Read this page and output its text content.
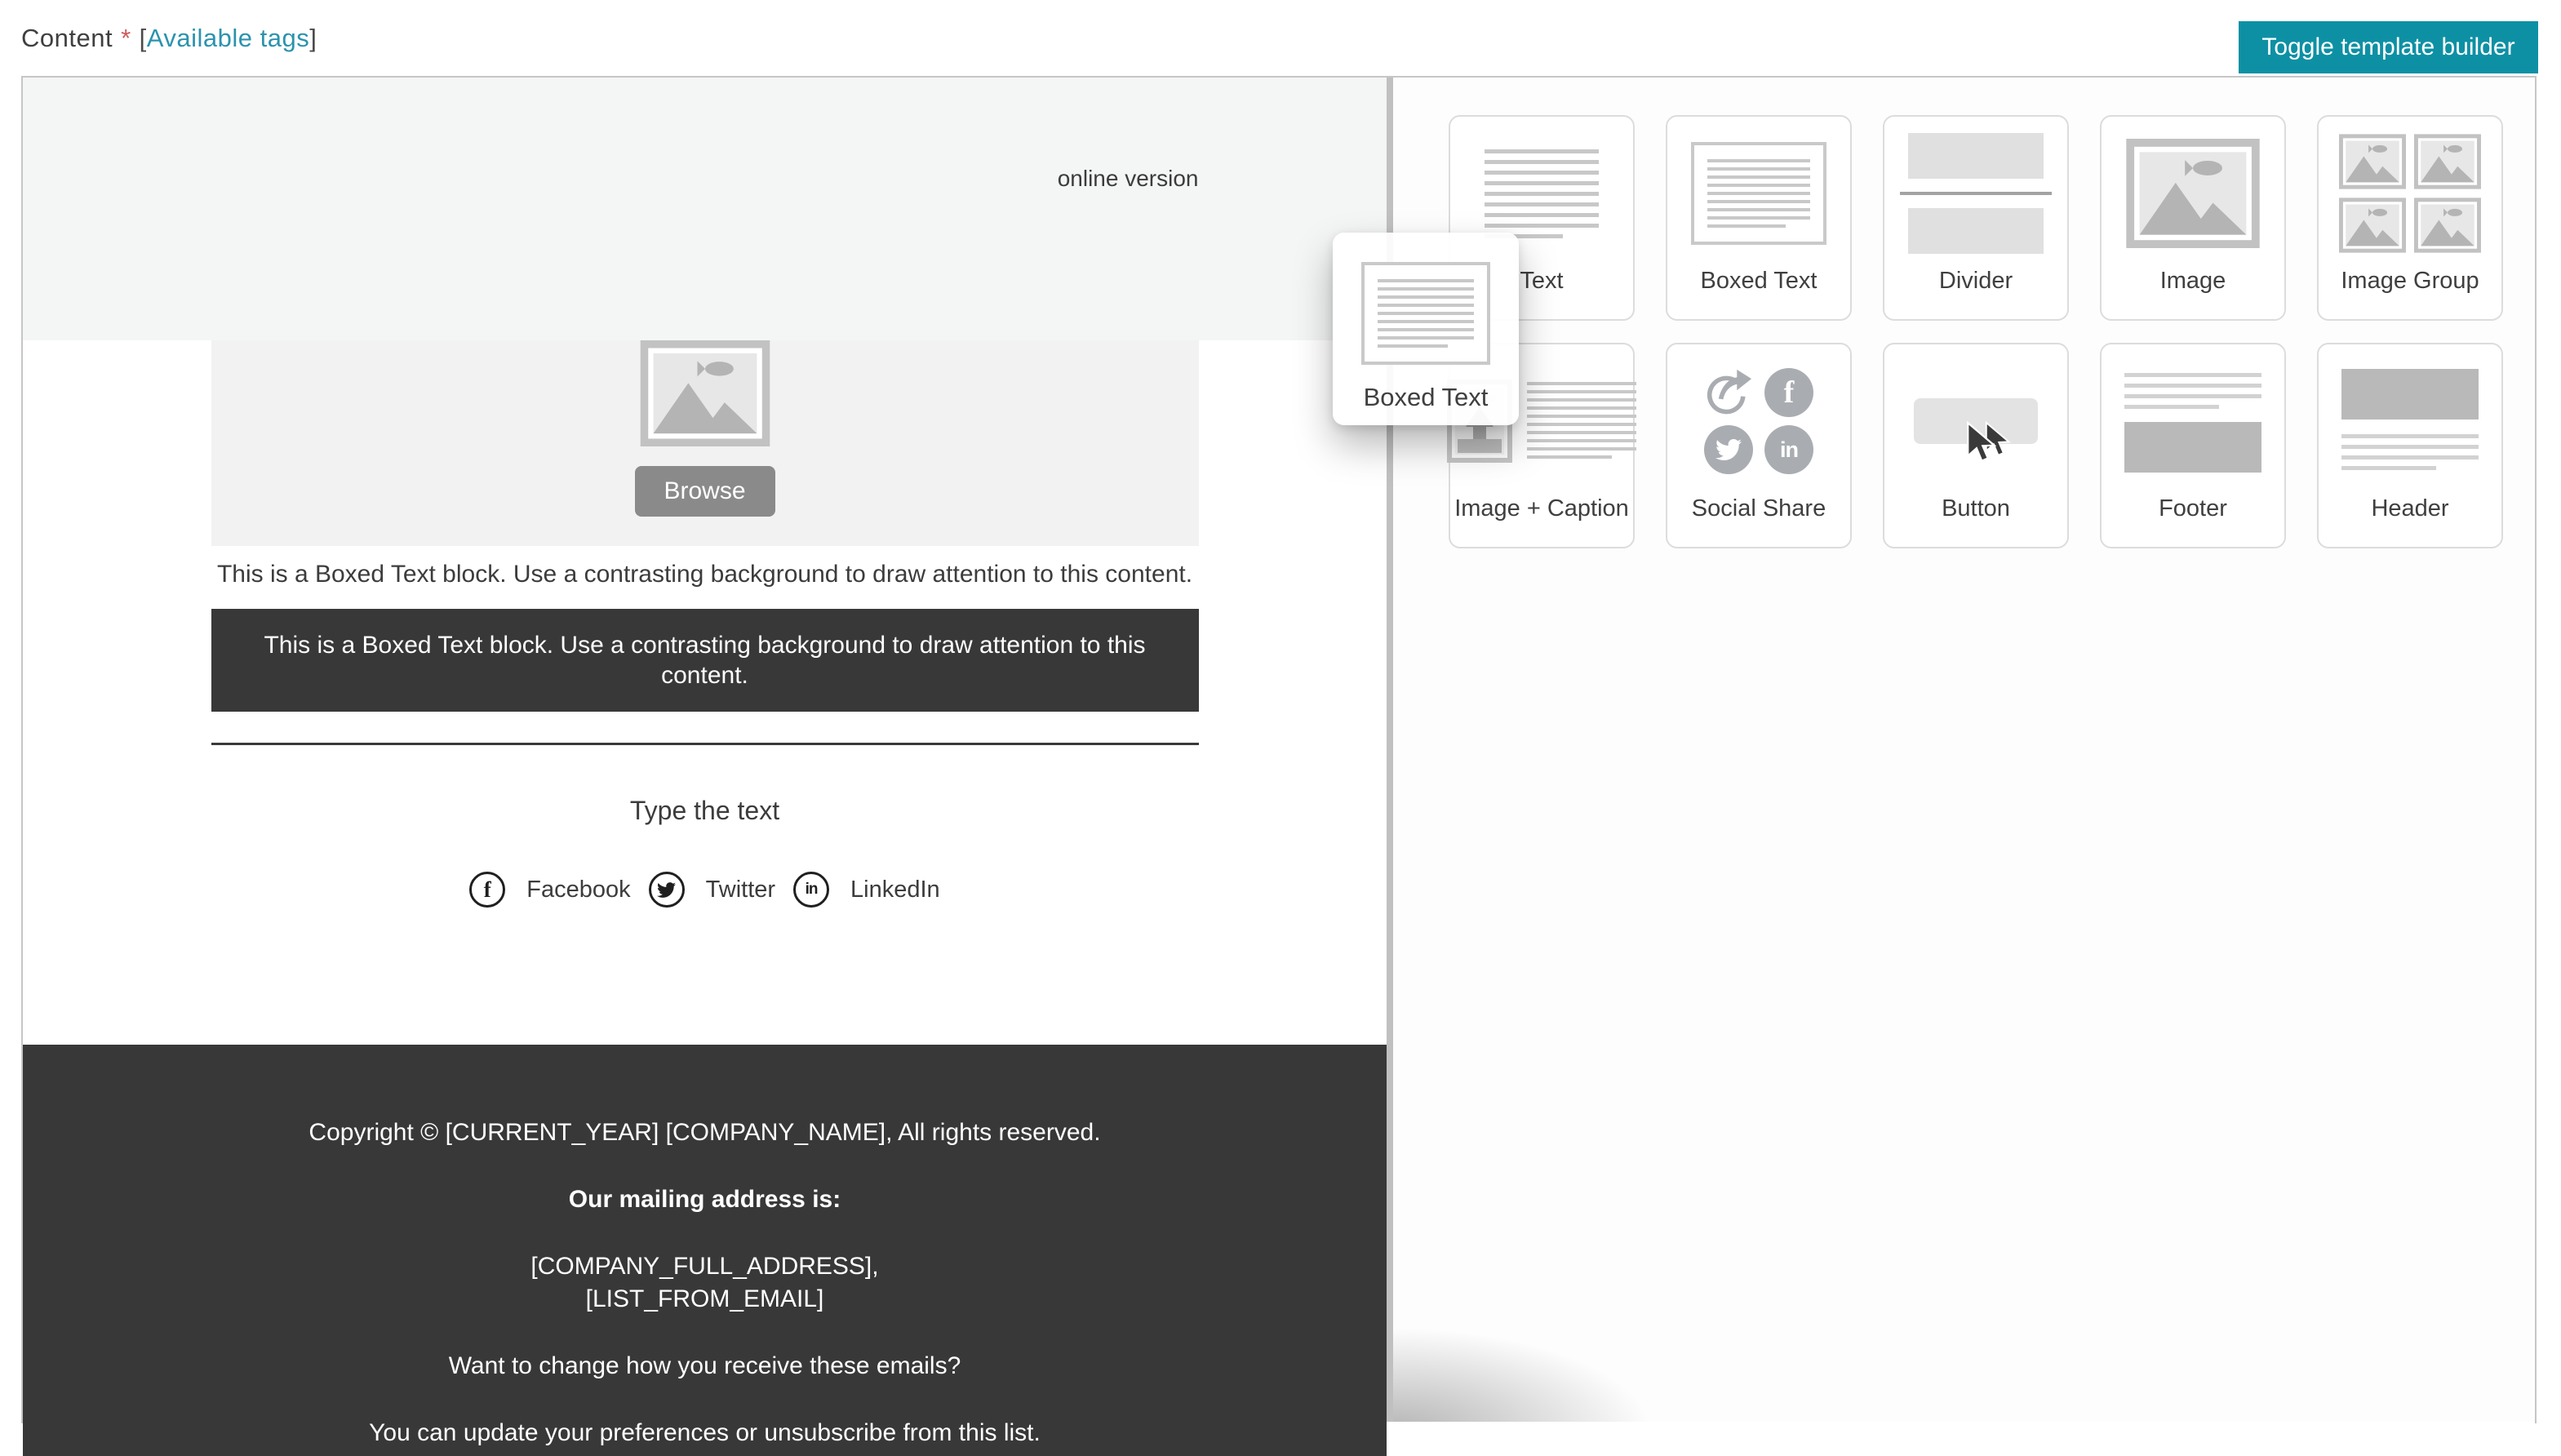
Content * [ Available tags ]	Toggle template builder
online version
Browse
This is a Boxed Text block. Use a contrasting background to draw attention to this content.
This is a Boxed Text block. Use a contrasting background to draw attention to this content.
Type the text
f Facebook	Twitter in LinkedIn

Copyright © [CURRENT_YEAR] [COMPANY_NAME], All rights reserved.

Our mailing address is:

[COMPANY_FULL_ADDRESS],
[LIST_FROM_EMAIL]

Want to change how you receive these emails?

You can update your preferences or unsubscribe from this list.

Text	Boxed Text	Divider	Image	Image Group
Image + Caption
f
in
Social Share	Button	Footer	Header
Boxed Text
